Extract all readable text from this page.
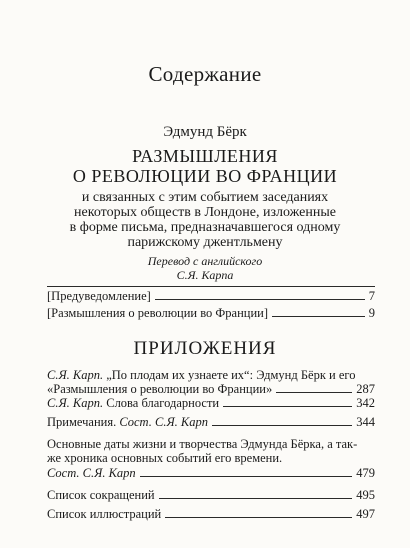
Содержание
Эдмунд Бёрк
РАЗМЫШЛЕНИЯ
О РЕВОЛЮЦИИ ВО ФРАНЦИИ
и связанных с этим событием заседаниях
некоторых обществ в Лондоне, изложенные
в форме письма, предназначавшегося одному
парижскому джентльмену
Перевод с английского
С.Я. Карпа
[Предуведомление]	7
[Размышления о революции во Франции]	9
ПРИЛОЖЕНИЯ
С.Я. Карп. „По плодам их узнаете их“: Эдмунд Бёрк и его
«Размышления о революции во Франции»	287
С.Я. Карп. Слова благодарности	342
Примечания. Сост. С.Я. Карп	344
Основные даты жизни и творчества Эдмунда Бёрка, а так-
же хроника основных событий его времени.
Сост. С.Я. Карп	479
Список сокращений	495
Список иллюстраций	497
